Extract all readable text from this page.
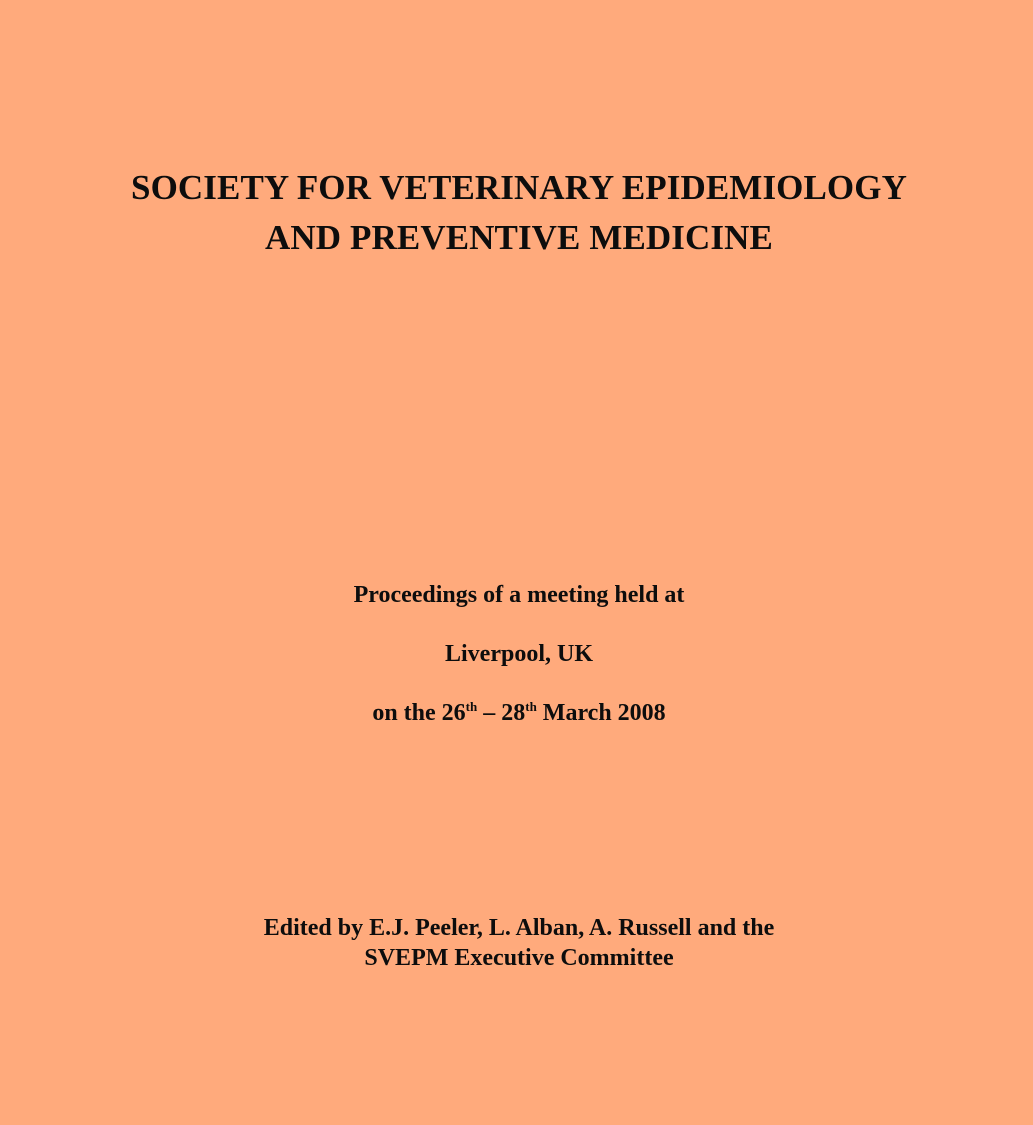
SOCIETY FOR VETERINARY EPIDEMIOLOGY
AND PREVENTIVE MEDICINE

Proceedings of a meeting held at

Liverpool, UK

on the 26th – 28th March 2008

Edited by E.J. Peeler, L. Alban, A. Russell and the
SVEPM Executive Committee
